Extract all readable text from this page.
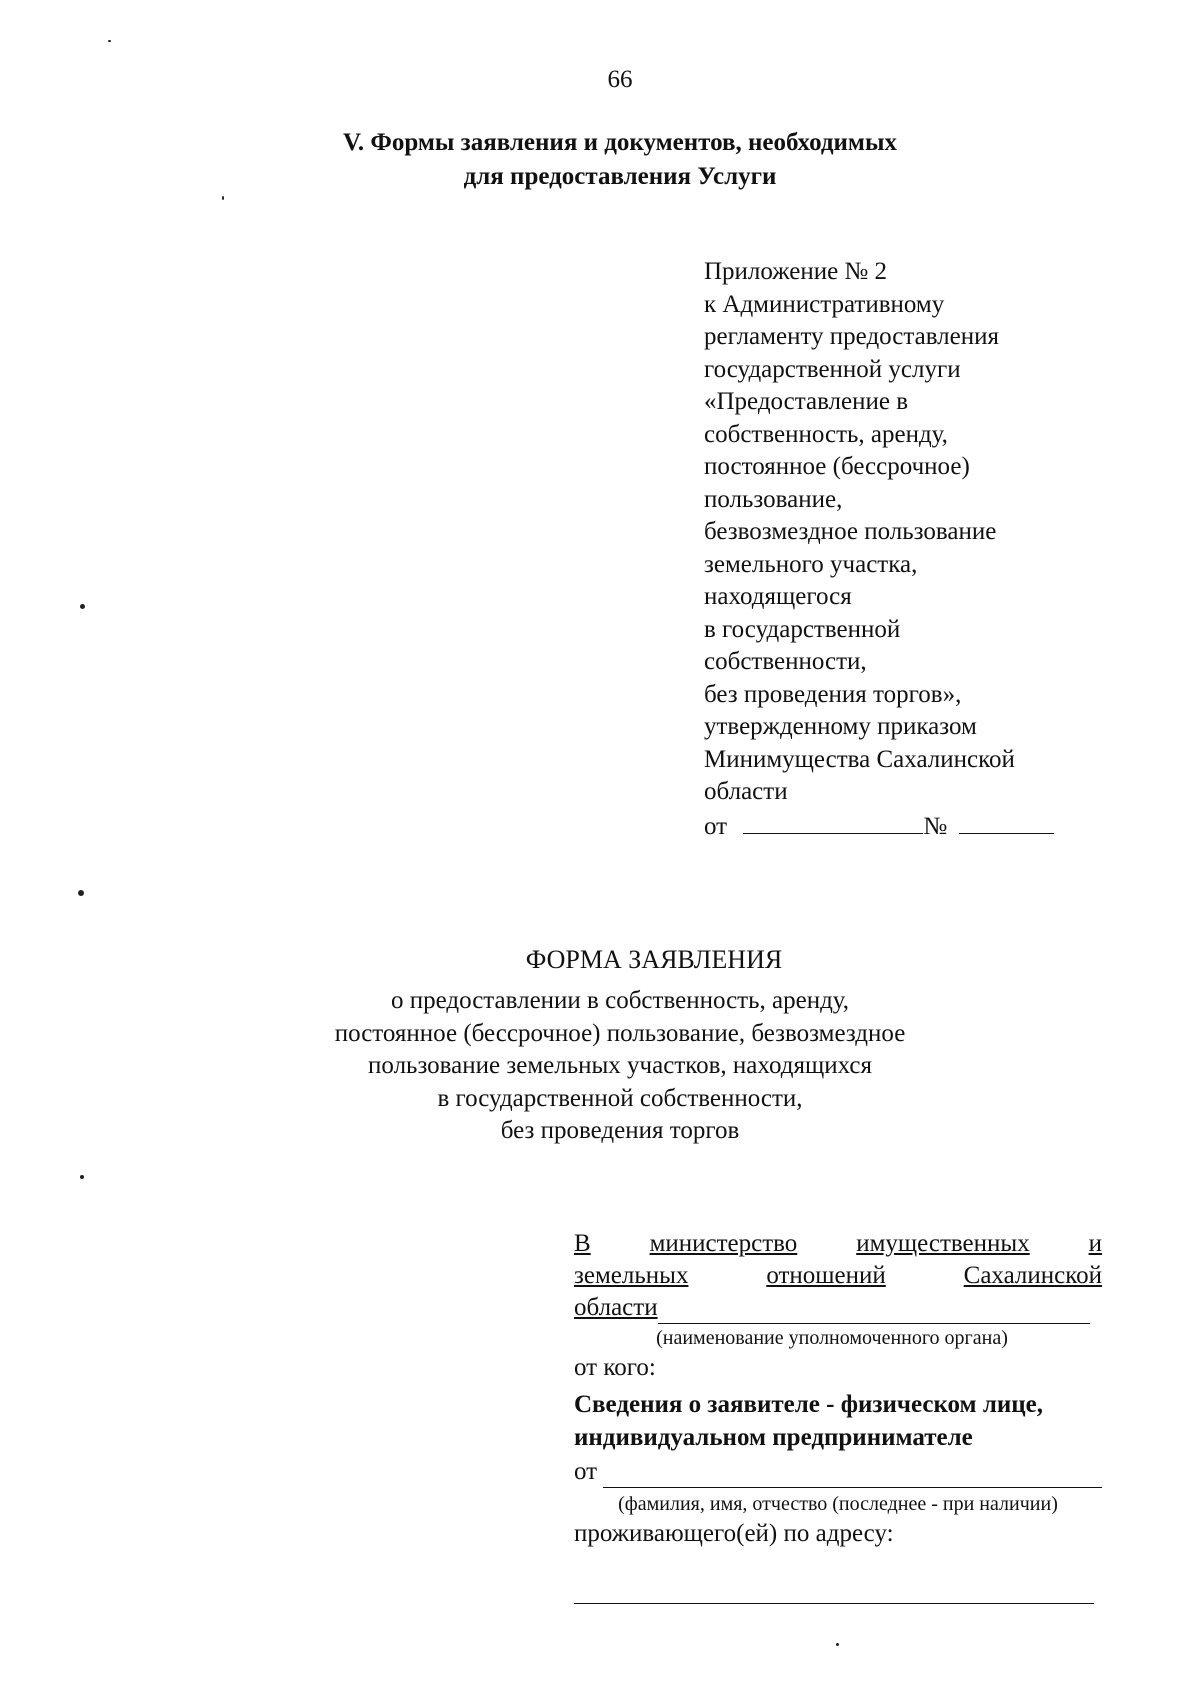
66
V. Формы заявления и документов, необходимых
для предоставления Услуги
Приложение № 2
к Административному
регламенту предоставления
государственной услуги
«Предоставление в
собственность, аренду,
постоянное (бессрочное)
пользование,
безвозмездное пользование
земельного участка,
находящегося
в государственной
собственности,
без проведения торгов»,
утвержденному приказом
Минимущества Сахалинской
области
от	№
ФОРМА ЗАЯВЛЕНИЯ
о предоставлении в собственность, аренду,
постоянное (бессрочное) пользование, безвозмездное
пользование земельных участков, находящихся
в государственной собственности,
без проведения торгов
В министерство имущественных и
земельных	отношений	Сахалинской
области
(наименование уполномоченного органа)
от кого:
Сведения о заявителе - физическом лице,
индивидуальном предпринимателе
от
(фамилия, имя, отчество (последнее - при наличии)
проживающего(ей) по адресу:
